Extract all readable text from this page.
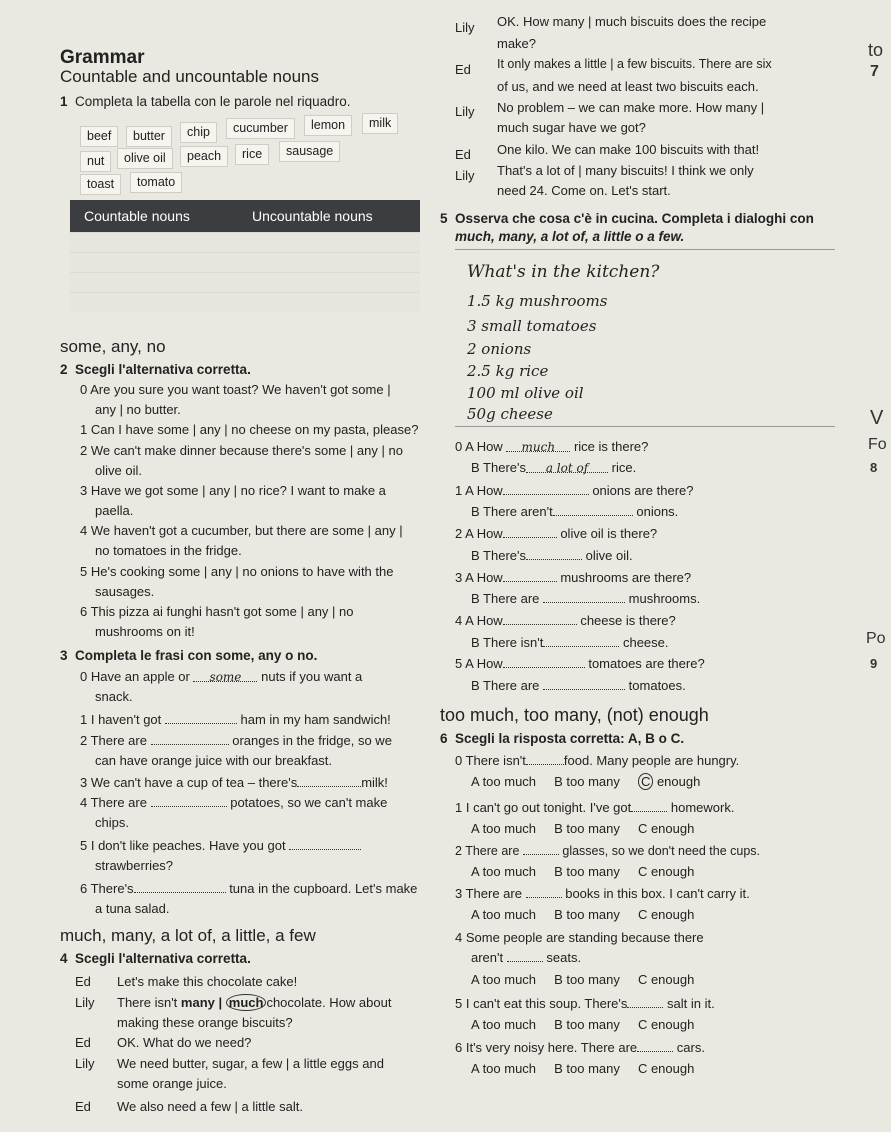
Grammar
Countable and uncountable nouns
1 Completa la tabella con le parole nel riquadro.
beef	butter	chip	cucumber	lemon	milk
nut	olive oil	peach	rice	sausage
toast	tomato
Countable nouns	Uncountable nouns
some, any, no
2 Scegli l'alternativa corretta.
0 Are you sure you want toast? We haven't got some |
any | no butter.
1 Can I have some | any | no cheese on my pasta, please?
2 We can't make dinner because there's some | any | no
olive oil.
3 Have we got some | any | no rice? I want to make a
paella.
4 We haven't got a cucumber, but there are some | any |
no tomatoes in the fridge.
5 He's cooking some | any | no onions to have with the
sausages.
6 This pizza ai funghi hasn't got some | any | no
mushrooms on it!
3 Completa le frasi con some, any o no.
0 Have an apple or some nuts if you want a
snack.
1 I haven't got	ham in my ham sandwich!
2 There are	oranges in the fridge, so we
can have orange juice with our breakfast.
3 We can't have a cup of tea – there's	milk!
4 There are	potatoes, so we can't make
chips.
5 I don't like peaches. Have you got
strawberries?
6 There's	tuna in the cupboard. Let's make
a tuna salad.
much, many, a lot of, a little, a few
4 Scegli l'alternativa corretta.
Ed Let's make this chocolate cake!
Lily There isn't many | much chocolate. How about
making these orange biscuits?
Ed OK. What do we need?
Lily We need butter, sugar, a few | a little eggs and
some orange juice.
Ed We also need a few | a little salt.
Lily OK. How many | much biscuits does the recipe
make?
Ed It only makes a little | a few biscuits. There are six
of us, and we need at least two biscuits each.
Lily No problem – we can make more. How many |
much sugar have we got?
Ed One kilo. We can make 100 biscuits with that!
Lily That's a lot of | many biscuits! I think we only
need 24. Come on. Let's start.
5 Osserva che cosa c'è in cucina. Completa i dialoghi con
much, many, a lot of, a little o a few.
What's in the kitchen?
1.5 kg mushrooms
3 small tomatoes
2 onions
2.5 kg rice
100 ml olive oil
50g cheese
0 A How much rice is there?
B There's a lot of rice.
1 A How	onions are there?
B There aren't	onions.
2 A How	olive oil is there?
B There's	olive oil.
3 A How	mushrooms are there?
B There are	mushrooms.
4 A How	cheese is there?
B There isn't	cheese.
5 A How	tomatoes are there?
B There are	tomatoes.
too much, too many, (not) enough
6 Scegli la risposta corretta: A, B o C.
0 There isn't	food. Many people are hungry.
A too much B too many C enough
1 I can't go out tonight. I've got	homework.
A too much B too many C enough
2 There are	glasses, so we don't need the cups.
A too much B too many C enough
3 There are	books in this box. I can't carry it.
A too much B too many C enough
4 Some people are standing because there
aren't	seats.
A too much B too many C enough
5 I can't eat this soup. There's	salt in it.
A too much B too many C enough
6 It's very noisy here. There are	cars.
A too much B too many C enough
to
7
V
Fo
8
Po
9
